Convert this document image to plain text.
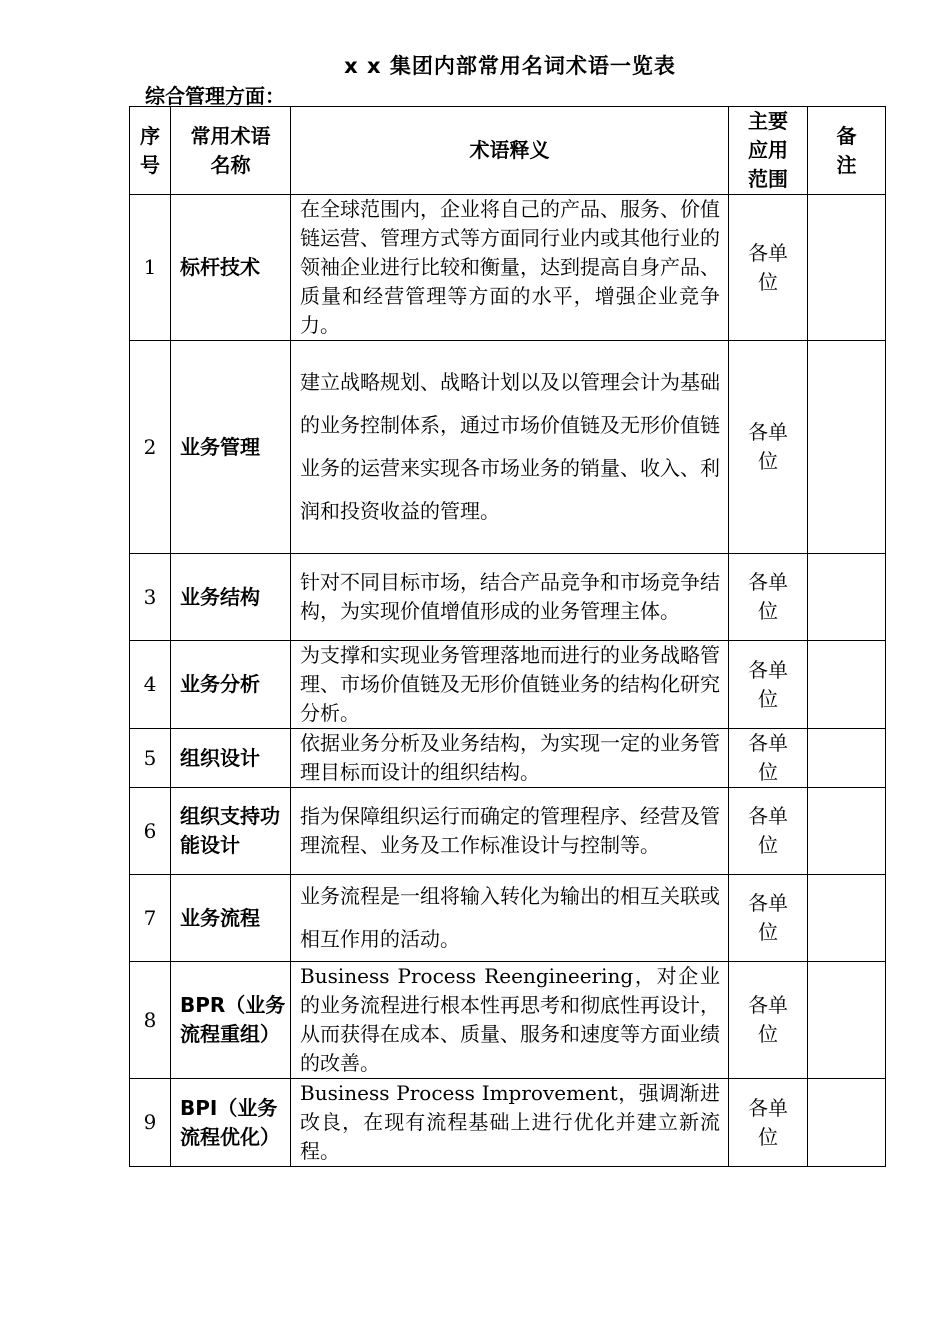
x x 集团内部常用名词术语一览表
综合管理方面：
序号	常用术语名称	术语释义	主要应用范围	备注

1	标杆技术	在全球范围内，企业将自己的产品、服务、价值链运营、管理方式等方面同行业内或其他行业的领袖企业进行比较和衡量，达到提高自身产品、质量和经营管理等方面的水平，增强企业竞争力。	各单位	
2	业务管理	建立战略规划、战略计划以及以管理会计为基础的业务控制体系，通过市场价值链及无形价值链业务的运营来实现各市场业务的销量、收入、利润和投资收益的管理。	各单位	
3	业务结构	针对不同目标市场，结合产品竞争和市场竞争结构，为实现价值增值形成的业务管理主体。	各单位	
4	业务分析	为支撑和实现业务管理落地而进行的业务战略管理、市场价值链及无形价值链业务的结构化研究分析。	各单位	
5	组织设计	依据业务分析及业务结构，为实现一定的业务管理目标而设计的组织结构。	各单位	
6	组织支持功能设计	指为保障组织运行而确定的管理程序、经营及管理流程、业务及工作标准设计与控制等。	各单位	
7	业务流程	业务流程是一组将输入转化为输出的相互关联或相互作用的活动。	各单位	
8	BPR（业务流程重组）	Business Process Reengineering，对企业的业务流程进行根本性再思考和彻底性再设计，从而获得在成本、质量、服务和速度等方面业绩的改善。	各单位	
9	BPI（业务流程优化）	Business Process Improvement，强调渐进改良，在现有流程基础上进行优化并建立新流程。	各单位	
